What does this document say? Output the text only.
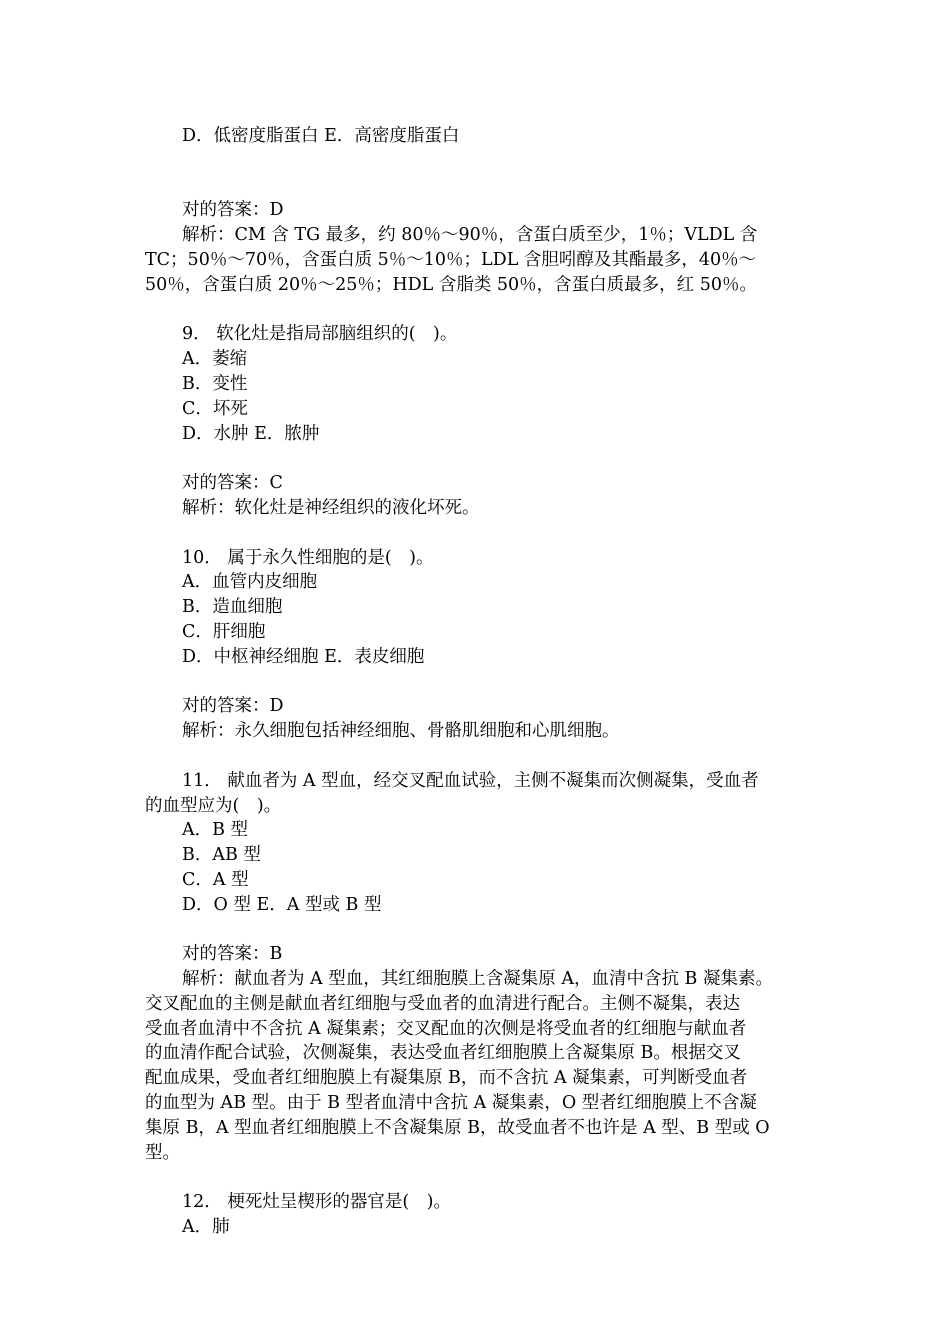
D．低密度脂蛋白 E．高密度脂蛋白

对的答案：D

解析：CM 含 TG 最多，约 80％～90％，含蛋白质至少，1％；VLDL 含

TC；50％～70％，含蛋白质 5％～10％；LDL 含胆吲醇及其酯最多，40％～

50％，含蛋白质 20％～25％；HDL 含脂类 50％，含蛋白质最多，红 50％。

9． 软化灶是指局部脑组织的(　)。

A．萎缩

B．变性

C．坏死

D．水肿 E．脓肿

对的答案：C

解析：软化灶是神经组织的液化坏死。

10． 属于永久性细胞的是(　)。

A．血管内皮细胞

B．造血细胞

C．肝细胞

D．中枢神经细胞 E．表皮细胞

对的答案：D

解析：永久细胞包括神经细胞、骨骼肌细胞和心肌细胞。

11． 献血者为 A 型血，经交叉配血试验，主侧不凝集而次侧凝集，受血者

的血型应为(　)。

A．B 型

B．AB 型

C．A 型

D．O 型 E．A 型或 B 型

对的答案：B

解析：献血者为 A 型血，其红细胞膜上含凝集原 A，血清中含抗 B 凝集素。

交叉配血的主侧是献血者红细胞与受血者的血清进行配合。主侧不凝集，表达

受血者血清中不含抗 A 凝集素；交叉配血的次侧是将受血者的红细胞与献血者

的血清作配合试验，次侧凝集，表达受血者红细胞膜上含凝集原 B。根据交叉

配血成果，受血者红细胞膜上有凝集原 B，而不含抗 A 凝集素，可判断受血者

的血型为 AB 型。由于 B 型者血清中含抗 A 凝集素，O 型者红细胞膜上不含凝

集原 B，A 型血者红细胞膜上不含凝集原 B，故受血者不也许是 A 型、B 型或 O

型。

12． 梗死灶呈楔形的器官是(　)。

A．肺
